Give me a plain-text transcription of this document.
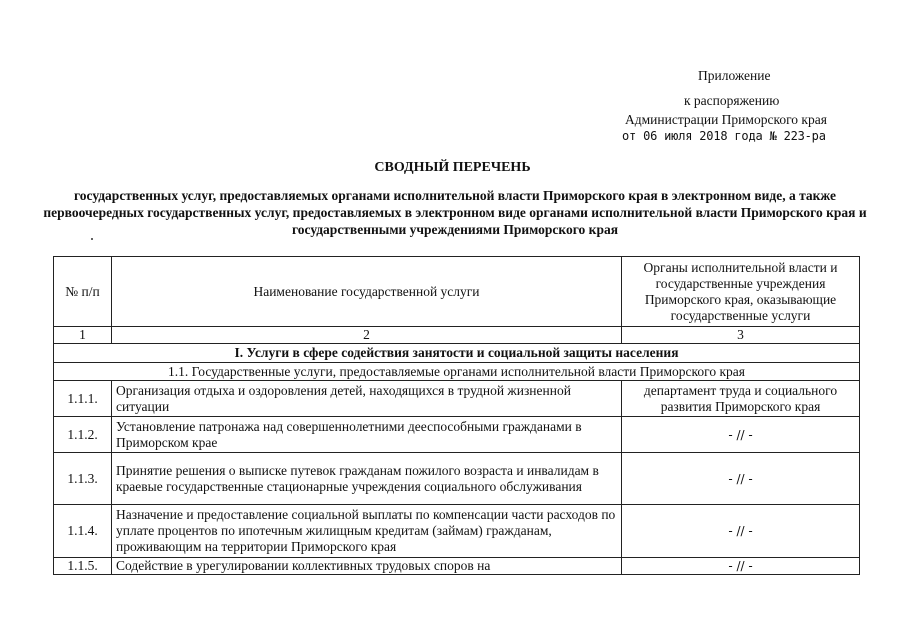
Приложение
к распоряжению
Администрации Приморского края
от 06 июля 2018 года № 223-ра
СВОДНЫЙ ПЕРЕЧЕНЬ
государственных услуг, предоставляемых органами исполнительной власти Приморского края в электронном виде, а также первоочередных государственных услуг, предоставляемых в электронном виде органами исполнительной власти Приморского края и государственными учреждениями Приморского края
№ п/п	Наименование государственной услуги	Органы исполнительной власти и государственные учреждения Приморского края, оказывающие государственные услуги
1	2	3
I. Услуги в сфере содействия занятости и социальной защиты населения		
1.1. Государственные услуги, предоставляемые органами исполнительной власти Приморского края		
1.1.1.	Организация отдыха и оздоровления детей, находящихся в трудной жизненной ситуации	департамент труда и социального развития Приморского края
1.1.2.	Установление патронажа над совершеннолетними дееспособными гражданами в Приморском крае	- // -
1.1.3.	Принятие решения о выписке путевок гражданам пожилого возраста и инвалидам в краевые государственные стационарные учреждения социального обслуживания	- // -
1.1.4.	Назначение и предоставление социальной выплаты по компенсации части расходов по уплате процентов по ипотечным жилищным кредитам (займам) гражданам, проживающим на территории Приморского края	- // -
1.1.5.	Содействие в урегулировании коллективных трудовых споров на	- // -
